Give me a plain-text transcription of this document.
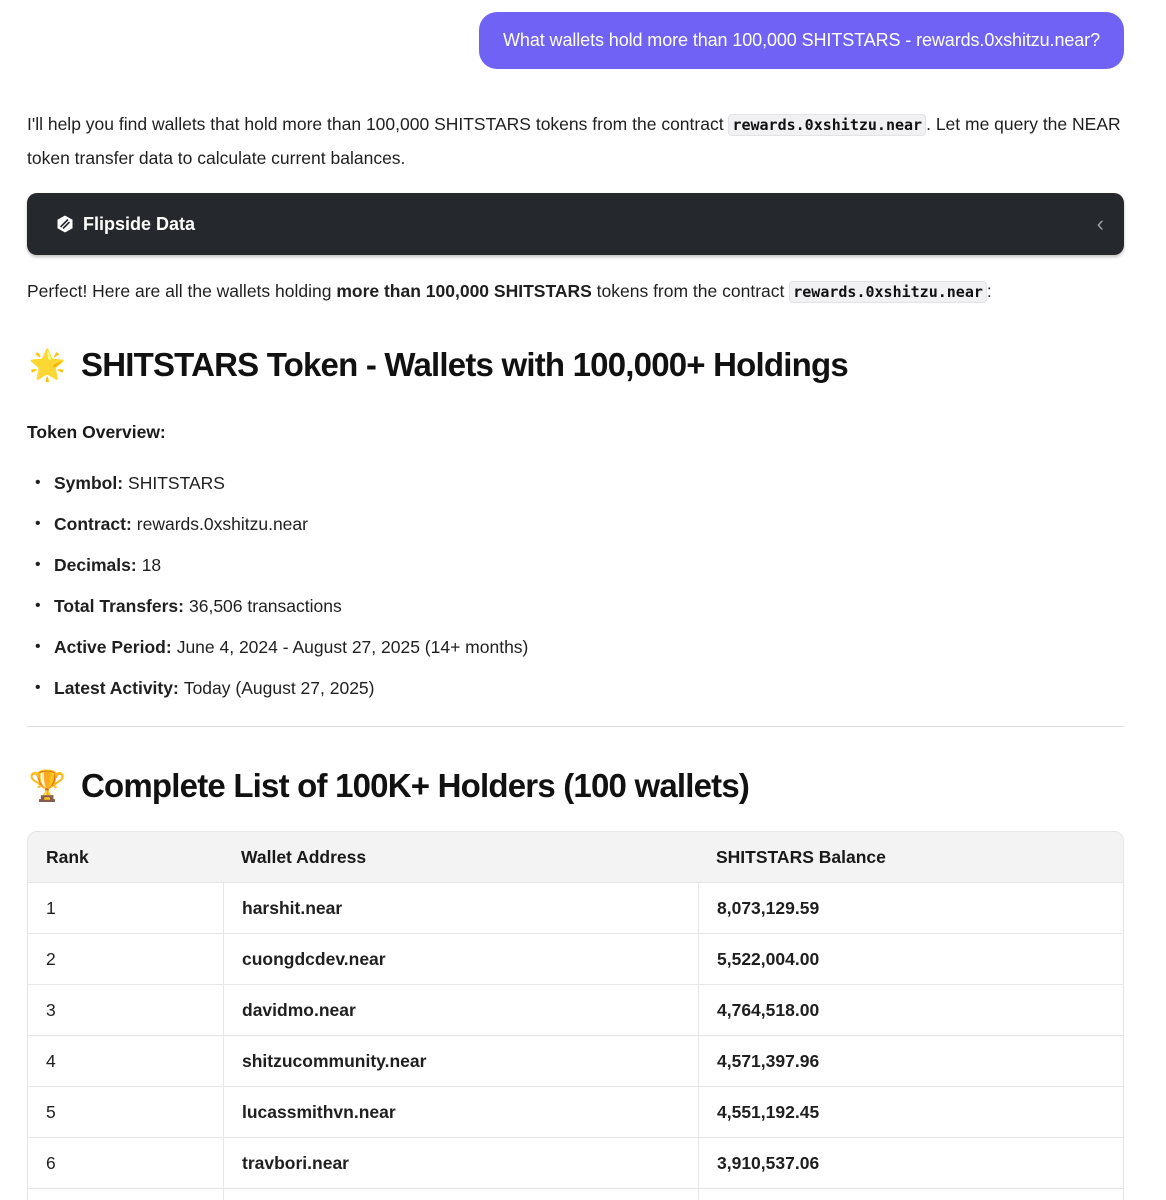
What wallets hold more than 100,000 SHITSTARS - rewards.0xshitzu.near?

I'll help you find wallets that hold more than 100,000 SHITSTARS tokens from the contract rewards.0xshitzu.near . Let me query the NEAR token transfer data to calculate current balances.

Flipside Data	‹

Perfect! Here are all the wallets holding more than 100,000 SHITSTARS tokens from the contract rewards.0xshitzu.near :

🌟 SHITSTARS Token - Wallets with 100,000+ Holdings
Token Overview:
• Symbol: SHITSTARS
• Contract: rewards.0xshitzu.near
• Decimals: 18
• Total Transfers: 36,506 transactions
• Active Period: June 4, 2024 - August 27, 2025 (14+ months)
• Latest Activity: Today (August 27, 2025)
🏆 Complete List of 100K+ Holders (100 wallets)
Rank	Wallet Address	SHITSTARS Balance
1	harshit.near	8,073,129.59
2	cuongdcdev.near	5,522,004.00
3	davidmo.near	4,764,518.00
4	shitzucommunity.near	4,571,397.96
5	lucassmithvn.near	4,551,192.45
6	travbori.near	3,910,537.06
